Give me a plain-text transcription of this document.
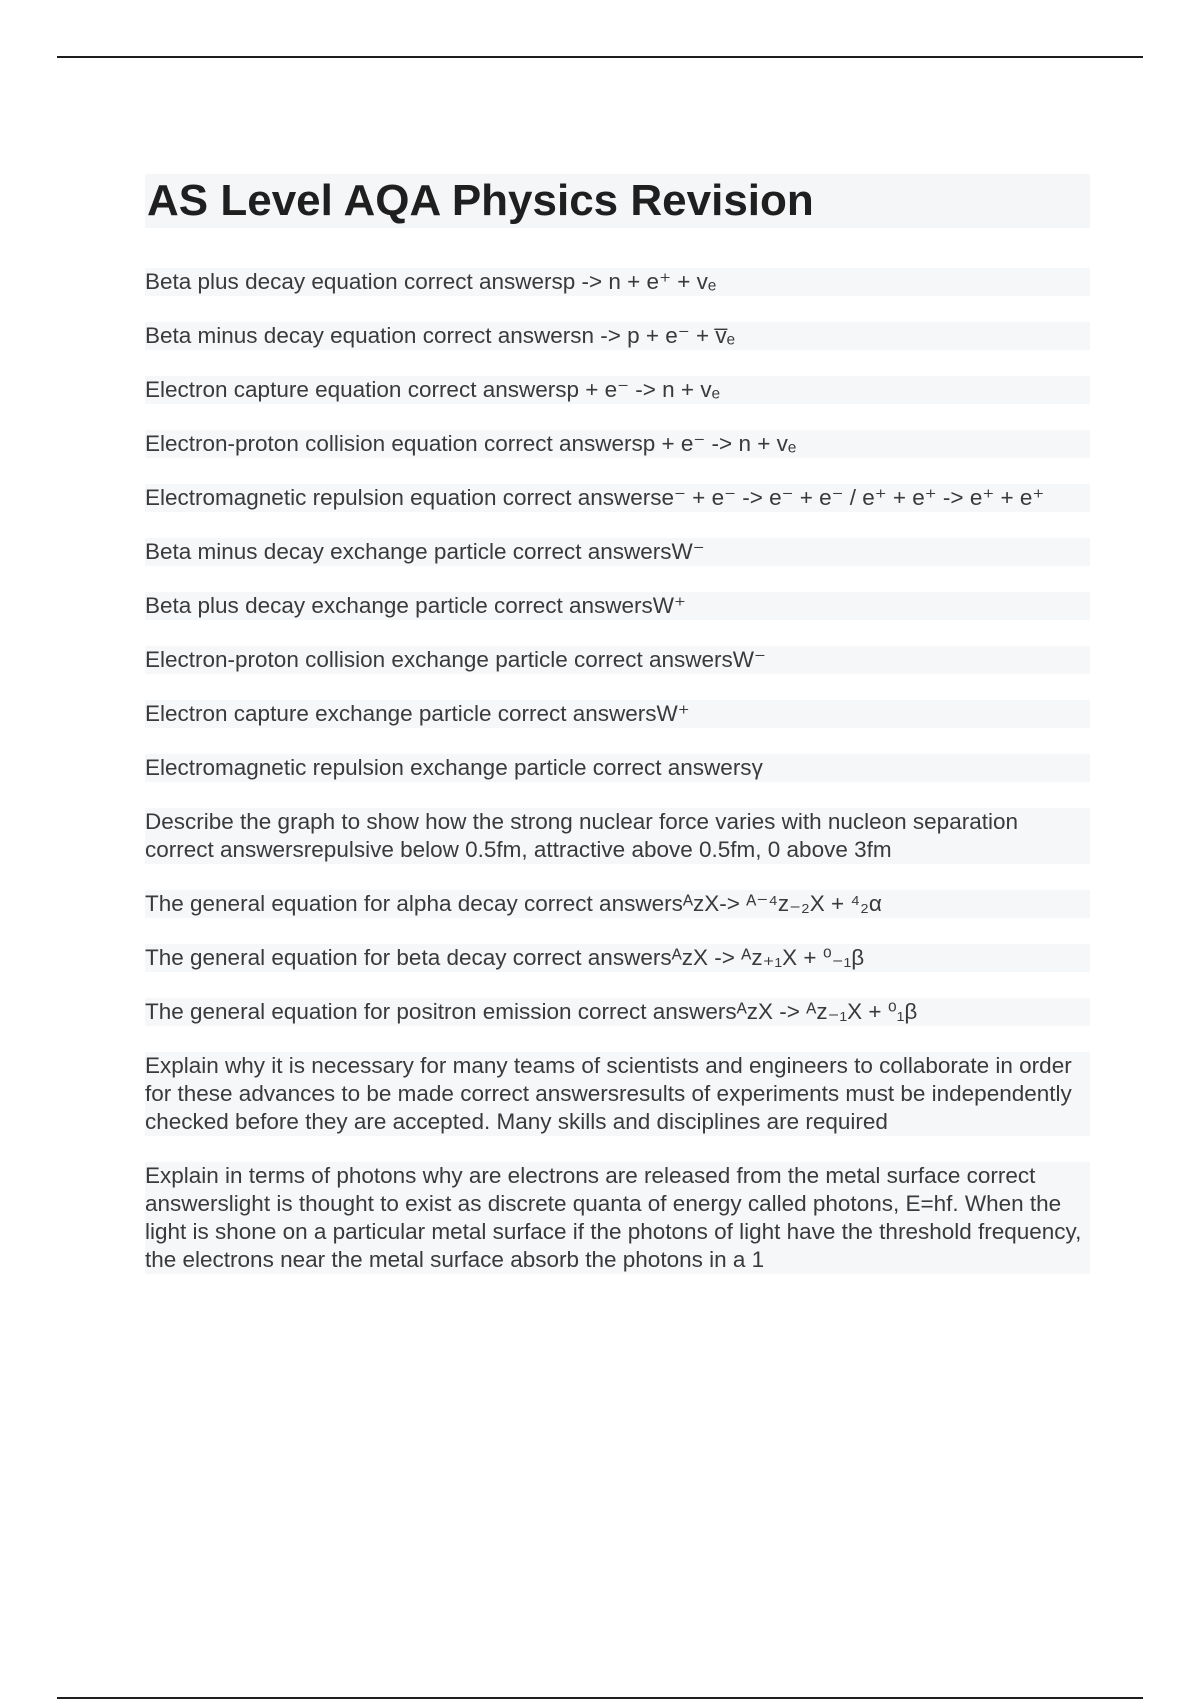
AS Level AQA Physics Revision

Beta plus decay equation correct answersp -> n + e⁺ + vₑ

Beta minus decay equation correct answersn -> p + e⁻ + v̅ₑ

Electron capture equation correct answersp + e⁻ -> n + vₑ

Electron-proton collision equation correct answersp + e⁻ -> n + vₑ

Electromagnetic repulsion equation correct answerse⁻ + e⁻ -> e⁻ + e⁻ / e⁺ + e⁺ -> e⁺ + e⁺

Beta minus decay exchange particle correct answersW⁻

Beta plus decay exchange particle correct answersW⁺

Electron-proton collision exchange particle correct answersW⁻

Electron capture exchange particle correct answersW⁺

Electromagnetic repulsion exchange particle correct answersγ

Describe the graph to show how the strong nuclear force varies with nucleon separation correct answersrepulsive below 0.5fm, attractive above 0.5fm, 0 above 3fm

The general equation for alpha decay correct answersᴬzX-> ᴬ⁻⁴z₋₂X + ⁴₂α

The general equation for beta decay correct answersᴬzX -> ᴬz₊₁X + ⁰₋₁β

The general equation for positron emission correct answersᴬzX -> ᴬz₋₁X + ⁰₁β

Explain why it is necessary for many teams of scientists and engineers to collaborate in order for these advances to be made correct answersresults of experiments must be independently checked before they are accepted. Many skills and disciplines are required

Explain in terms of photons why are electrons are released from the metal surface correct answerslight is thought to exist as discrete quanta of energy called photons, E=hf. When the light is shone on a particular metal surface if the photons of light have the threshold frequency, the electrons near the metal surface absorb the photons in a 1
